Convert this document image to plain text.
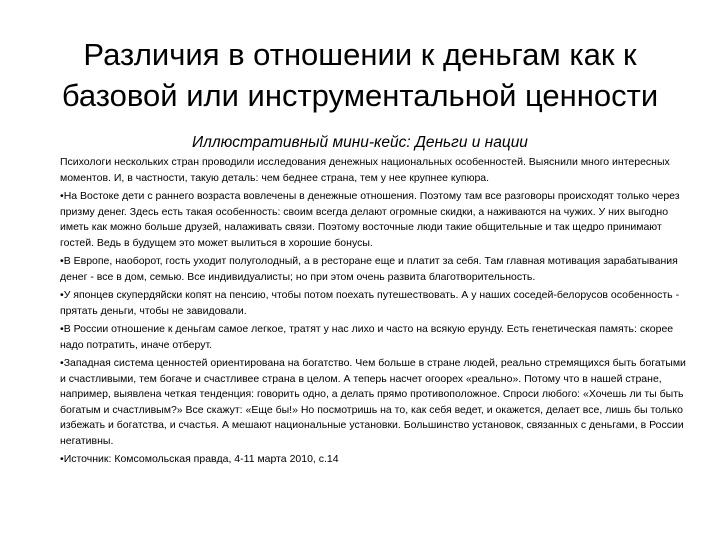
Различия в отношении к деньгам как к базовой или инструментальной ценности
Иллюстративный мини-кейс: Деньги и нации

Психологи нескольких стран проводили исследования денежных национальных особенностей. Выяснили много интересных моментов. И, в частности, такую деталь: чем беднее страна, тем у нее крупнее купюра.

•На Востоке дети с раннего возраста вовлечены в денежные отношения. Поэтому там все разговоры происходят только через призму денег. Здесь есть такая особенность: своим всегда делают огромные скидки, а наживаются на чужих. У них выгодно иметь как можно больше друзей, налаживать связи. Поэтому восточные люди такие общительные и так щедро принимают гостей. Ведь в будущем это может вылиться в хорошие бонусы.

•В Европе, наоборот, гость уходит полуголодный, а в ресторане еще и платит за себя. Там главная мотивация зарабатывания денег - все в дом, семью. Все индивидуалисты; но при этом очень развита благотворительность.

•У японцев скупердяйски копят на пенсию, чтобы потом поехать путешествовать. А у наших соседей-белорусов особенность - прятать деньги, чтобы не завидовали.

•В России отношение к деньгам самое легкое, тратят у нас лихо и часто на всякую ерунду. Есть генетическая память: скорее надо потратить, иначе отберут.

•Западная система ценностей ориентирована на богатство. Чем больше в стране людей, реально стремящихся быть богатыми и счастливыми, тем богаче и счастливее страна в целом. А теперь насчет огоорех «реально». Потому что в нашей стране, например, выявлена четкая тенденция: говорить одно, а делать прямо противоположное. Спроси любого: «Хочешь ли ты быть богатым и счастливым?» Все скажут: «Еще бы!» Но посмотришь на то, как себя ведет, и окажется, делает все, лишь бы только избежать и богатства, и счастья. А мешают национальные установки. Большинство установок, связанных с деньгами, в России негативны.

•Источник: Комсомольская правда, 4-11 марта 2010, с.14
